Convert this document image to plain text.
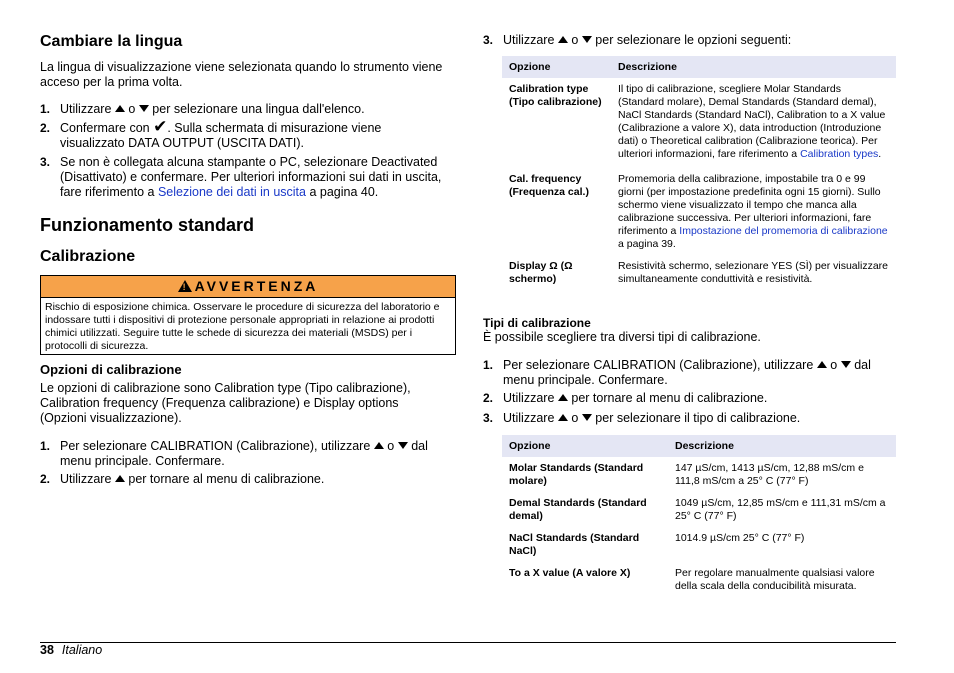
Cambiare la lingua

La lingua di visualizzazione viene selezionata quando lo strumento viene acceso per la prima volta.

1. Utilizzare o per selezionare una lingua dall'elenco.
2. Confermare con ✔. Sulla schermata di misurazione viene
visualizzato DATA OUTPUT (USCITA DATI).
3. Se non è collegata alcuna stampante o PC, selezionare Deactivated
(Disattivato) e confermare. Per ulteriori informazioni sui dati in uscita,
fare riferimento a Selezione dei dati in uscita a pagina 40.
Funzionamento standard
Calibrazione
! AVVERTENZA
Rischio di esposizione chimica. Osservare le procedure di sicurezza del laboratorio e indossare tutti i dispositivi di protezione personale appropriati in relazione ai prodotti chimici utilizzati. Seguire tutte le schede di sicurezza dei materiali (MSDS) per i protocolli di sicurezza.
Opzioni di calibrazione

Le opzioni di calibrazione sono Calibration type (Tipo calibrazione), Calibration frequency (Frequenza calibrazione) e Display options (Opzioni visualizzazione).

1. Per selezionare CALIBRATION (Calibrazione), utilizzare o dal
menu principale. Confermare.
2. Utilizzare per tornare al menu di calibrazione.
3. Utilizzare o per selezionare le opzioni seguenti:
Opzione	Descrizione
Calibration type (Tipo calibrazione)	Il tipo di calibrazione, scegliere Molar Standards (Standard molare), Demal Standards (Standard demal), NaCl Standards (Standard NaCl), Calibration to a X value (Calibrazione a valore X), data introduction (Introduzione dati) o Theoretical calibration (Calibrazione teorica). Per ulteriori informazioni, fare riferimento a Calibration types.
Cal. frequency (Frequenza cal.)	Promemoria della calibrazione, impostabile tra 0 e 99 giorni (per impostazione predefinita ogni 15 giorni). Sullo schermo viene visualizzato il tempo che manca alla calibrazione successiva. Per ulteriori informazioni, fare riferimento a Impostazione del promemoria di calibrazione a pagina 39.
Display Ω (Ω schermo)	Resistività schermo, selezionare YES (SÌ) per visualizzare simultaneamente conduttività e resistività.
Tipi di calibrazione

È possibile scegliere tra diversi tipi di calibrazione.

1. Per selezionare CALIBRATION (Calibrazione), utilizzare o dal
menu principale. Confermare.
2. Utilizzare per tornare al menu di calibrazione.
3. Utilizzare o per selezionare il tipo di calibrazione.
Opzione	Descrizione
Molar Standards (Standard molare)	147 µS/cm, 1413 µS/cm, 12,88 mS/cm e 111,8 mS/cm a 25° C (77° F)
Demal Standards (Standard demal)	1049 µS/cm, 12,85 mS/cm e 111,31 mS/cm a 25° C (77° F)
NaCl Standards (Standard NaCl)	1014.9 µS/cm 25° C (77° F)
To a X value (A valore X)	Per regolare manualmente qualsiasi valore della scala della conducibilità misurata.
38 Italiano
